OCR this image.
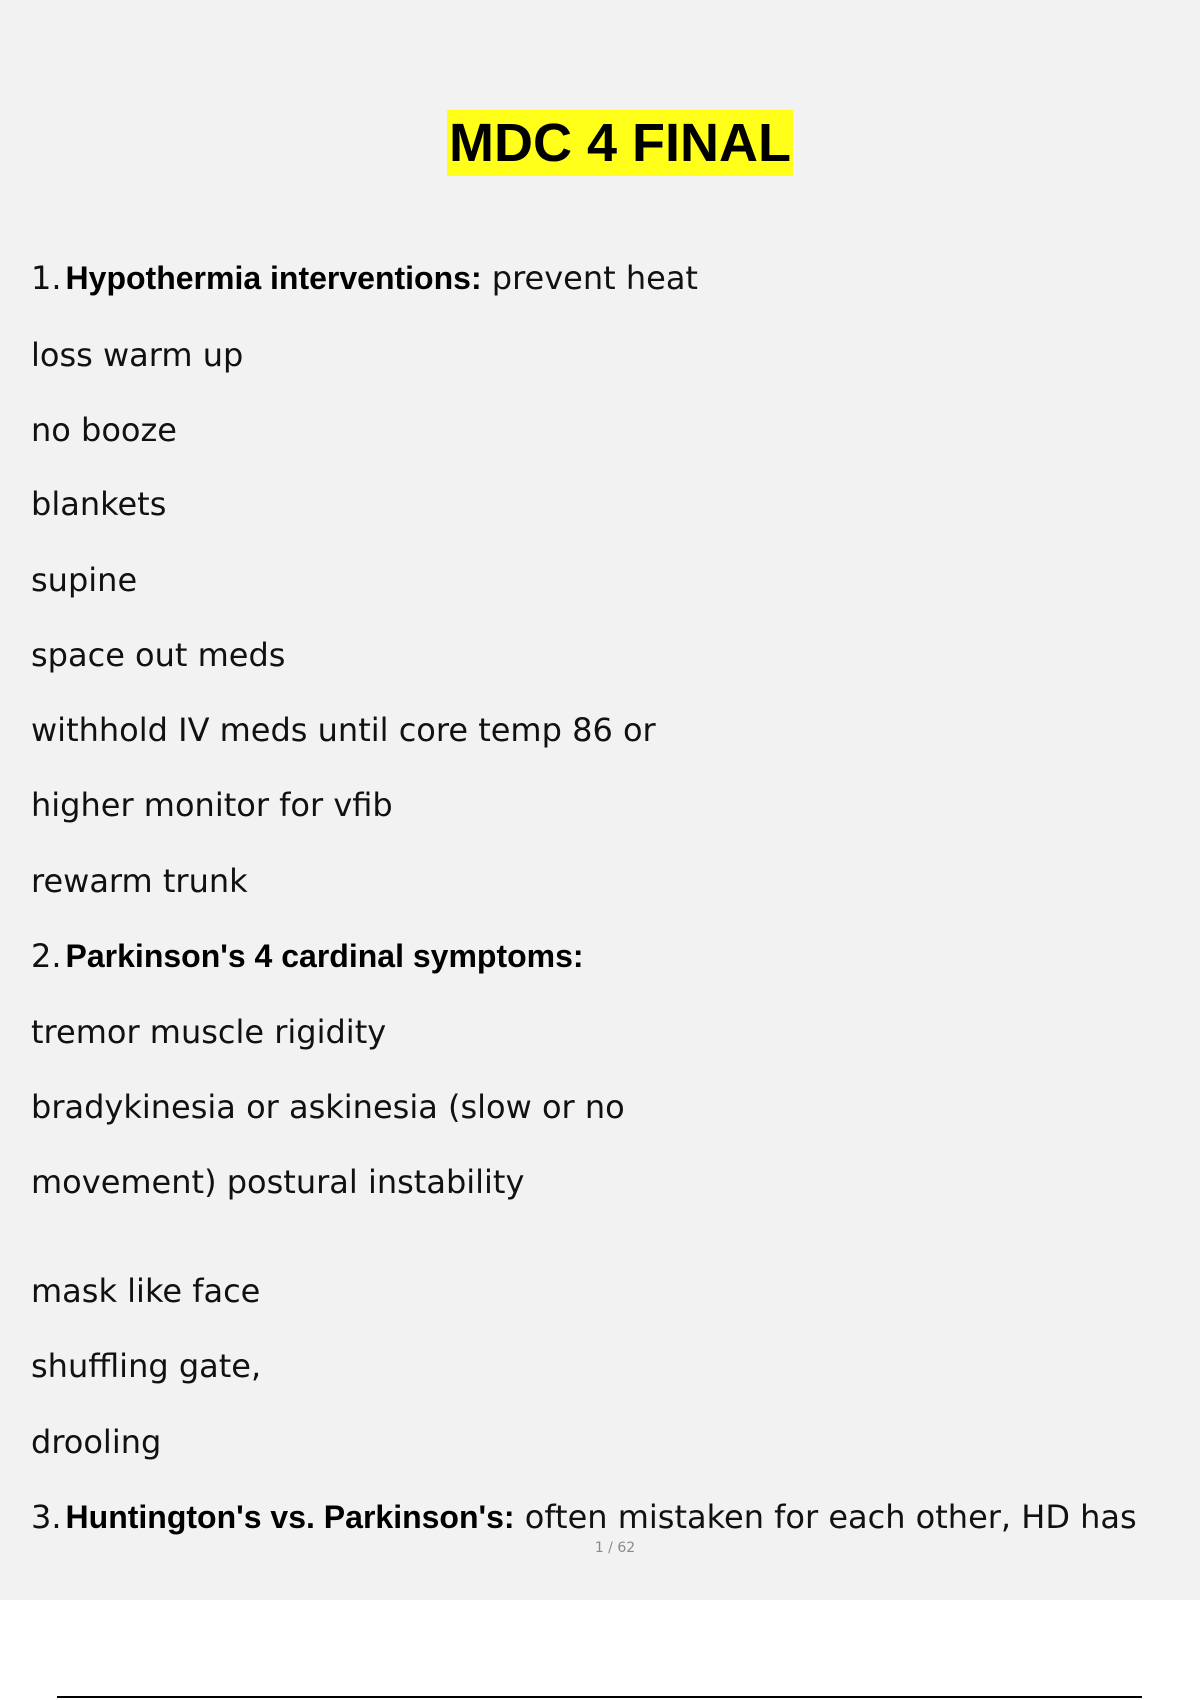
MDC 4 FINAL
1. Hypothermia interventions: prevent heat
loss warm up
no booze
blankets
supine
space out meds
withhold IV meds until core temp 86 or
higher monitor for vfib
rewarm trunk
2. Parkinson's 4 cardinal symptoms:
tremor muscle rigidity
bradykinesia or askinesia (slow or no
movement) postural instability
mask like face
shuffling gate,
drooling
3. Huntington's vs. Parkinson's: often mistaken for each other, HD has
1 / 62
